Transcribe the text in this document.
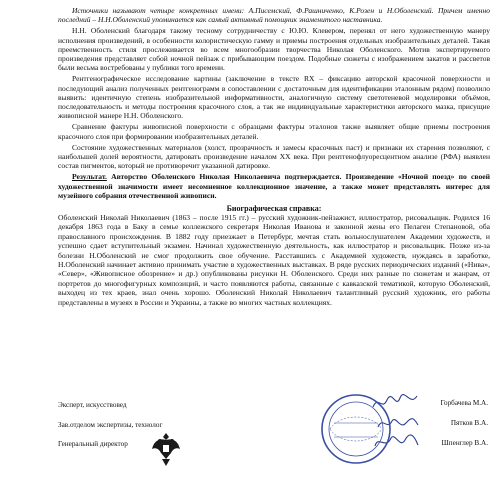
Источники называют четыре конкретных имени: А.Писемский, Ф.Рашниченко, К.Розен и Н.Оболенский. Причем именно последний – Н.Н.Оболенский упоминается как самый активный помощник знаменитого наставника.

Н.Н. Оболенский благодаря такому тесному сотрудничеству с Ю.Ю. Клевером, перенял от него художественную манеру исполнения произведений, в особенности колористическую гамму и приемы построения отдельных изобразительных деталей. Такая преемственность стиля прослеживается во всем многообразии творчества Николая Оболенского. Мотив экспертируемого произведения представляет собой ночной пейзаж с прибывающим поездом. Подобные сюжеты с изображением закатов и рассветов были весьма востребованы у публики того времени.

Рентгенографическое исследование картины (заключение в тексте RX – фиксацию авторской красочной поверхности и последующий анализ полученных рентгенограмм в сопоставлении с достаточным для идентификации эталонным рядом) позволило выявить: идентичную степень изобразительной информативности, аналогичную систему светотеневой моделировки объёмов, последовательность и методы построения красочного слоя, а так же индивидуальные характеристики авторского мазка, присущие живописной манере Н.Н. Оболенского.

Сравнение фактуры живописной поверхности с образцами фактуры эталонов также выявляет общие приемы построения красочного слоя при формировании изобразительных деталей.

Состояние художественных материалов (холст, прозрачность и замесы красочных паст) и признаки их старения позволяют, с наибольшей долей вероятности, датировать произведение началом XX века. При рентгенофлуоресцентном анализе (РФА) выявлен состав пигментов, который не противоречит указанной датировке.

Результат. Авторство Оболенского Николая Николаевича подтверждается. Произведение «Ночной поезд» по своей художественной значимости имеет несомненное коллекционное значение, а также может представлять интерес для музейного собрания отечественной живописи.

Биографическая справка:

Оболенский Николай Николаевич (1863 – после 1915 гг.) – русский художник-пейзажист, иллюстратор, рисовальщик. Родился 16 декабря 1863 года в Баку в семье коллежского секретаря Николая Иванова и законной жены его Пелагеи Степановой, оба православного происхождения. В 1882 году приезжает в Петербург, мечтая стать вольнослушателем Академии художеств, и успешно сдает вступительный экзамен. Начинал художественную деятельность, как иллюстратор и рисовальщик. Позже из-за болезни Н.Оболенский не смог продолжить свое обучение. Расставшись с Академией художеств, нуждаясь в заработке, Н.Оболенский начинает активно принимать участие в художественных выставках. В ряде русских периодических изданий («Нива», «Север», «Живописное обозрение» и др.) опубликованы рисунки Н. Оболенского. Среди них разные по сюжетам и жанрам, от портретов до многофигурных композиций, и часто появляются работы, связанные с кавказской тематикой, которую Оболенский, выходец из тех краев, знал очень хорошо. Оболенский Николай Николаевич талантливый русский художник, его работы представлены в музеях в России и Украины, а также во многих частных коллекциях.

Эксперт, искусствовед
Зав.отделом экспертизы, технолог
Генеральный директор
Горбачева М.А.
Пятков В.А.
Шпенглер В.А.
